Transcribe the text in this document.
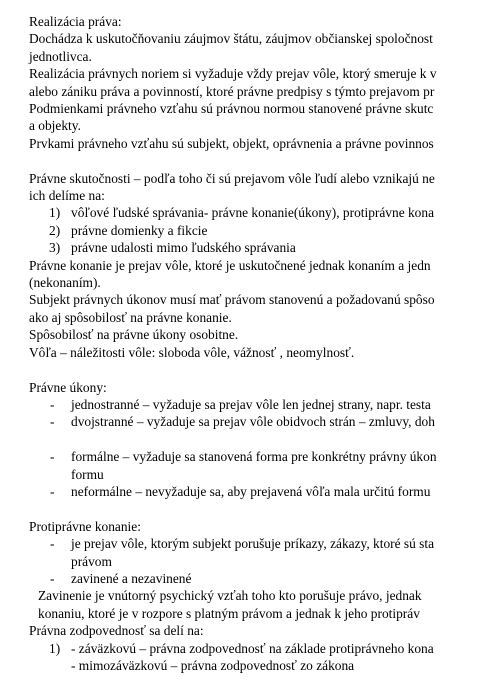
Realizácia práva:
Dochádza k uskutočňovaniu záujmov štátu, záujmov občianskej spoločnost
jednotlivca.
Realizácia právnych noriem si vyžaduje vždy prejav vôle, ktorý smeruje k v
alebo zániku práva a povinností, ktoré právne predpisy s týmto prejavom pr
Podmienkami právneho vzťahu sú právnou normou stanovené právne skutc
a objekty.
Prvkami právneho vzťahu sú subjekt, objekt, oprávnenia a právne povinnos
Právne skutočnosti – podľa toho či sú prejavom vôle ľudí alebo vznikajú ne
ich delíme na:
1) vôľové ľudské správania- právne konanie(úkony), protiprávne kona
2) právne domienky a fikcie
3) právne udalosti mimo ľudského správania
Právne konanie je prejav vôle, ktoré je uskutočnené jednak konaním a jedn
(nekonaním).
Subjekt právnych úkonov musí mať právom stanovenú a požadovanú spôso
ako aj spôsobilosť na právne konanie.
Spôsobilosť na právne úkony osobitne.
Vôľa – náležitosti vôle: sloboda vôle, vážnosť , neomylnosť.
Právne úkony:
-	jednostranné – vyžaduje sa prejav vôle len jednej strany, napr. testa
-	dvojstranné – vyžaduje sa prejav vôle obidvoch strán – zmluvy, doh
-	formálne – vyžaduje sa stanovená forma pre konkrétny právny úkon
formu
-	neformálne – nevyžaduje sa, aby prejavená vôľa mala určitú formu
Protiprávne konanie:
-	je prejav vôle, ktorým subjekt porušuje príkazy, zákazy, ktoré sú sta
právom
-	zavinené a nezavinené
Zavinenie je vnútorný psychický vzťah toho kto porušuje právo, jednak
konaniu, ktoré je v rozpore s platným právom a jednak k jeho protipráv
Právna zodpovednosť sa delí na:
1) - záväzkovú – právna zodpovednosť na základe protiprávneho kona
- mimozáväzkovú – právna zodpovednosť zo zákona
